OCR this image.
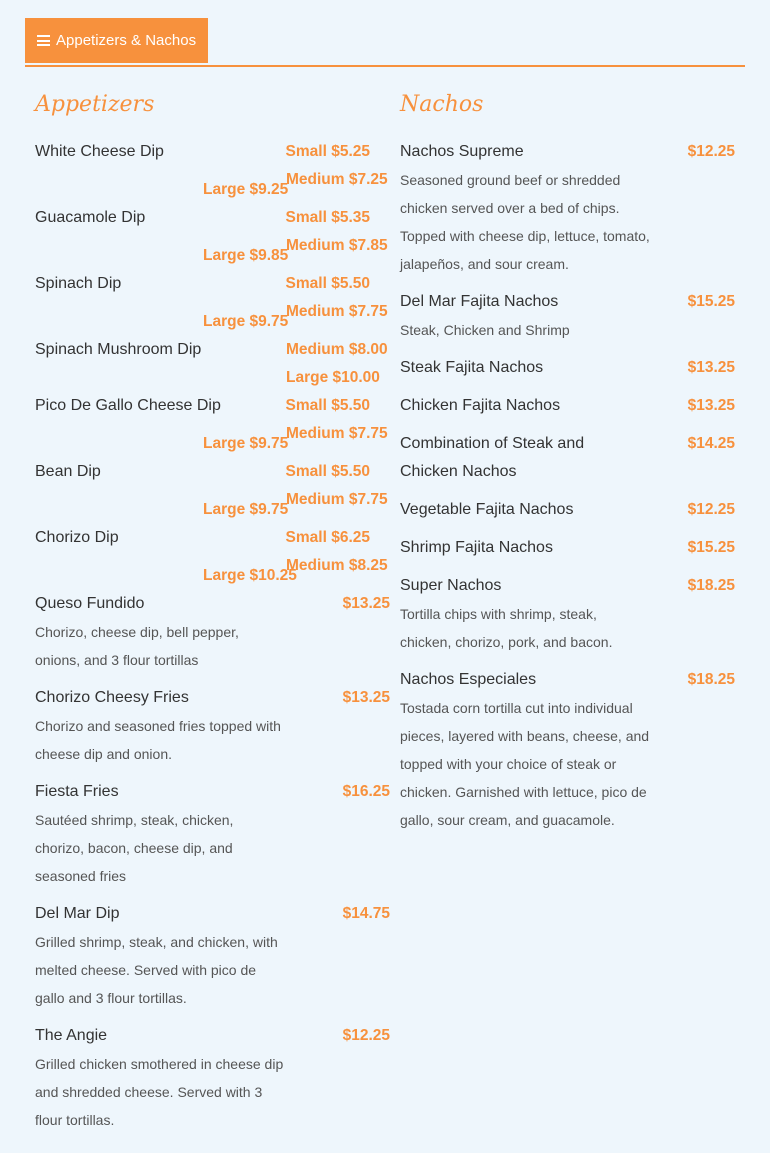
Appetizers & Nachos
Appetizers
White Cheese Dip	Small $5.25
Medium $7.25
Large $9.25
Guacamole Dip	Small $5.35
Medium $7.85
Large $9.85
Spinach Dip	Small $5.50
Medium $7.75
Large $9.75
Spinach Mushroom Dip	Medium $8.00
Large $10.00
Pico De Gallo Cheese Dip	Small $5.50
Medium $7.75
Large $9.75
Bean Dip	Small $5.50
Medium $7.75
Large $9.75
Chorizo Dip	Small $6.25
Medium $8.25
Large $10.25
Queso Fundido	$13.25
Chorizo, cheese dip, bell pepper, onions, and 3 flour tortillas
Chorizo Cheesy Fries	$13.25
Chorizo and seasoned fries topped with cheese dip and onion.
Fiesta Fries	$16.25
Sautéed shrimp, steak, chicken, chorizo, bacon, cheese dip, and seasoned fries
Del Mar Dip	$14.75
Grilled shrimp, steak, and chicken, with melted cheese. Served with pico de gallo and 3 flour tortillas.
The Angie	$12.25
Grilled chicken smothered in cheese dip and shredded cheese. Served with 3 flour tortillas.
Nachos
Nachos Supreme	$12.25
Seasoned ground beef or shredded chicken served over a bed of chips. Topped with cheese dip, lettuce, tomato, jalapeños, and sour cream.
Del Mar Fajita Nachos	$15.25
Steak, Chicken and Shrimp
Steak Fajita Nachos	$13.25
Chicken Fajita Nachos	$13.25
Combination of Steak and Chicken Nachos
$14.25
Vegetable Fajita Nachos	$12.25
Shrimp Fajita Nachos	$15.25
Super Nachos	$18.25
Tortilla chips with shrimp, steak, chicken, chorizo, pork, and bacon.
Nachos Especiales	$18.25
Tostada corn tortilla cut into individual pieces, layered with beans, cheese, and topped with your choice of steak or chicken. Garnished with lettuce, pico de gallo, sour cream, and guacamole.
